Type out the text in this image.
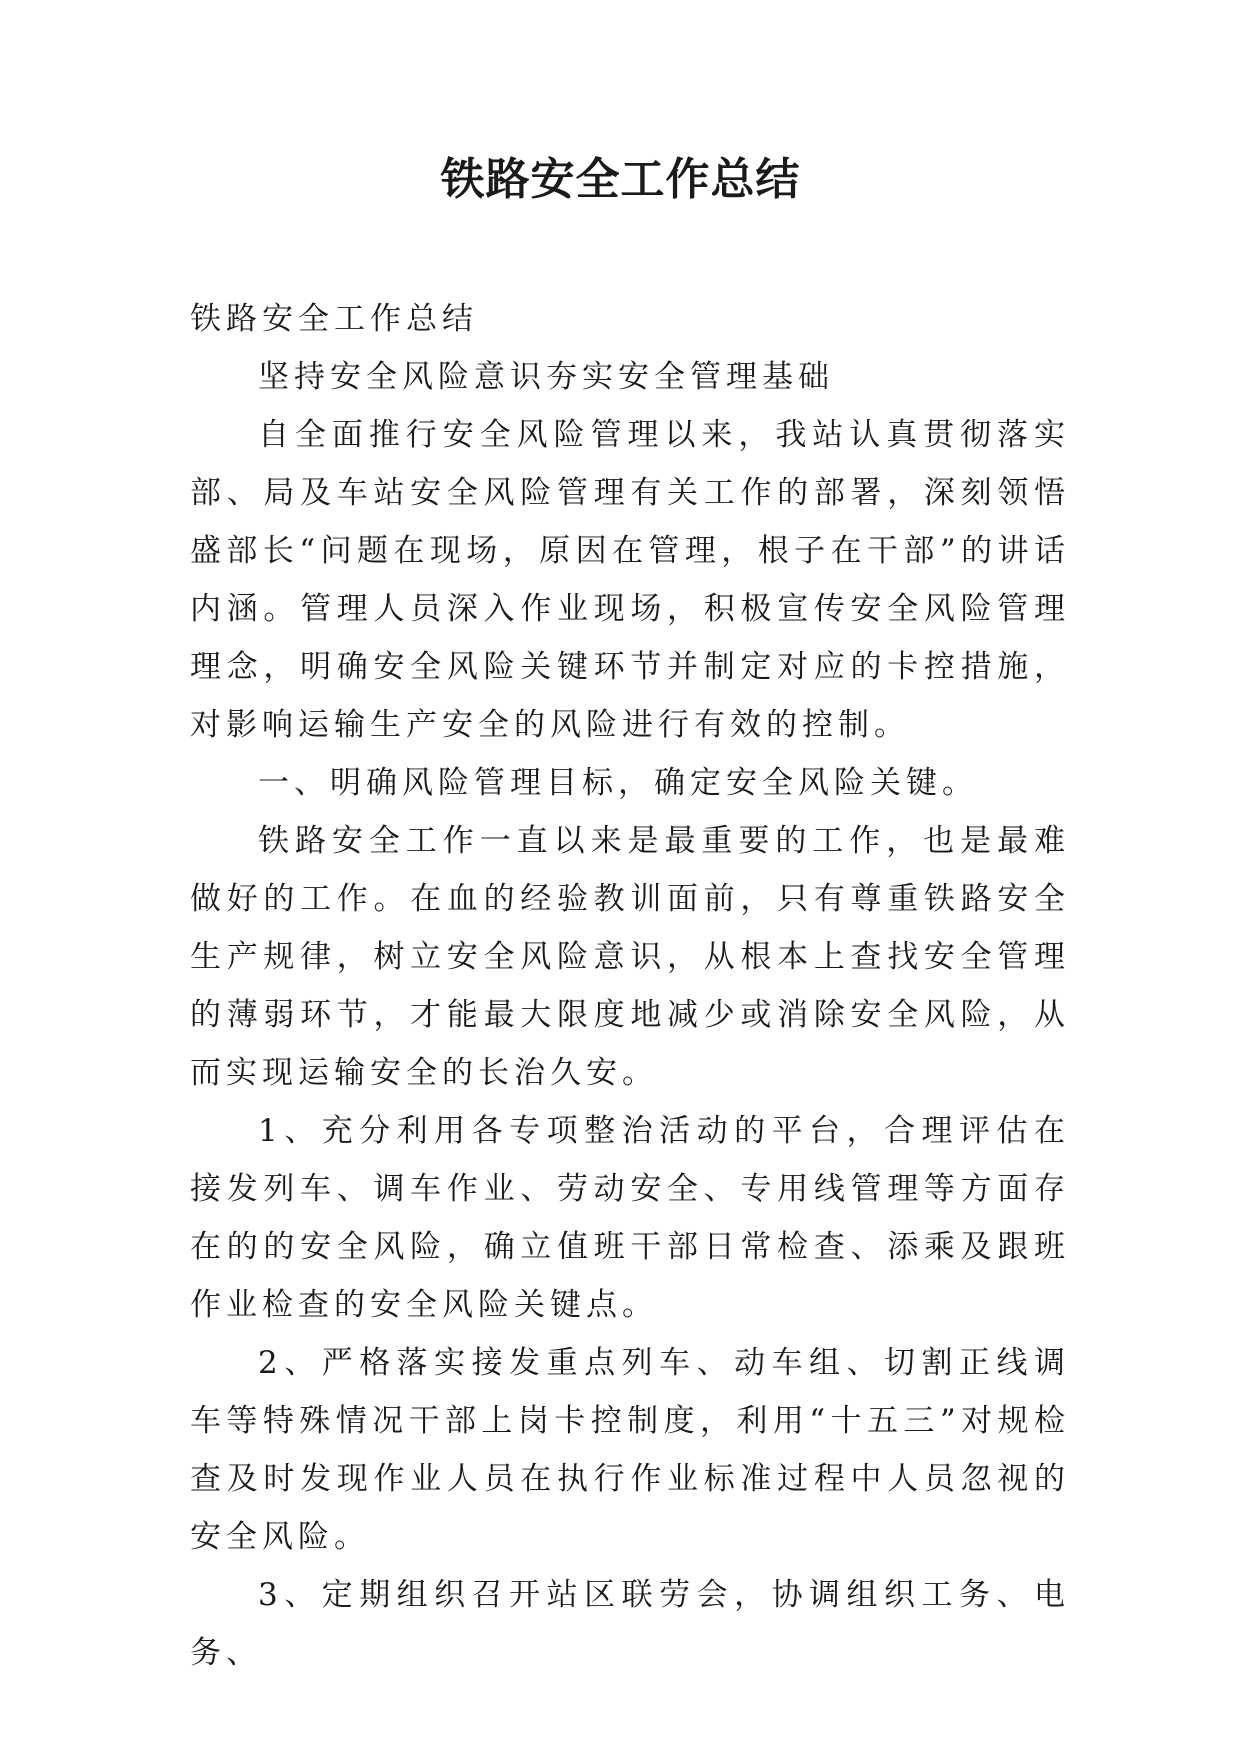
铁路安全工作总结

铁路安全工作总结

坚持安全风险意识夯实安全管理基础

自全面推行安全风险管理以来，我站认真贯彻落实部、局及车站安全风险管理有关工作的部署，深刻领悟盛部长“问题在现场，原因在管理，根子在干部”的讲话内涵。管理人员深入作业现场，积极宣传安全风险管理理念，明确安全风险关键环节并制定对应的卡控措施，对影响运输生产安全的风险进行有效的控制。

一、明确风险管理目标，确定安全风险关键。

铁路安全工作一直以来是最重要的工作，也是最难做好的工作。在血的经验教训面前，只有尊重铁路安全生产规律，树立安全风险意识，从根本上查找安全管理的薄弱环节，才能最大限度地减少或消除安全风险，从而实现运输安全的长治久安。

1、充分利用各专项整治活动的平台，合理评估在接发列车、调车作业、劳动安全、专用线管理等方面存在的的安全风险，确立值班干部日常检查、添乘及跟班作业检查的安全风险关键点。

2、严格落实接发重点列车、动车组、切割正线调车等特殊情况干部上岗卡控制度，利用“十五三”对规检查及时发现作业人员在执行作业标准过程中人员忽视的安全风险。

3、定期组织召开站区联劳会，协调组织工务、电务、
